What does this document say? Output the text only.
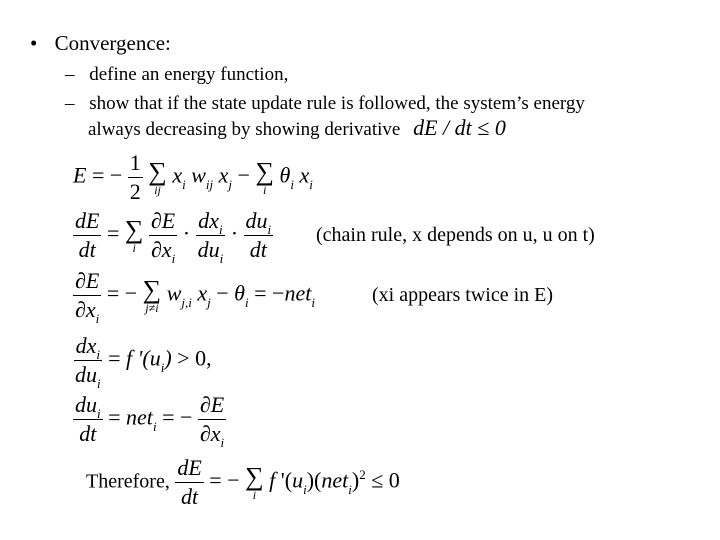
• Convergence:
– define an energy function,
– show that if the state update rule is followed, the system’s energy
always decreasing by showing derivative dE / dt ≤ 0
E = − $\frac{1}{2}$
∑
ij
$x_i$ $w_{ij}$ $x_j$ − ∑
i
$\theta_i$ $x_i$
$\frac{dE}{dt}$ = ∑
i
$\frac{\partial E}{\partial x_i} \cdot \frac{dx_i}{du_i} \cdot \frac{du_i}{dt}$ (chain rule, x depends on u, u on t)
$\frac{\partial E}{\partial x_i}$ = − ∑
j≠i
$w_{j,i}$ $x_j - \theta_i = -net_i$	(xi appears twice in E)
$\frac{dx_i}{du_i} = f$ '$(u_i) > 0$,
$\frac{du_i}{dt} = net_i$ = − $\frac{\partial E}{\partial x_i}$
Therefore, $\frac{dE}{dt}$ = − ∑
i
f '$(u_i)(net_i)^2 \le 0$
